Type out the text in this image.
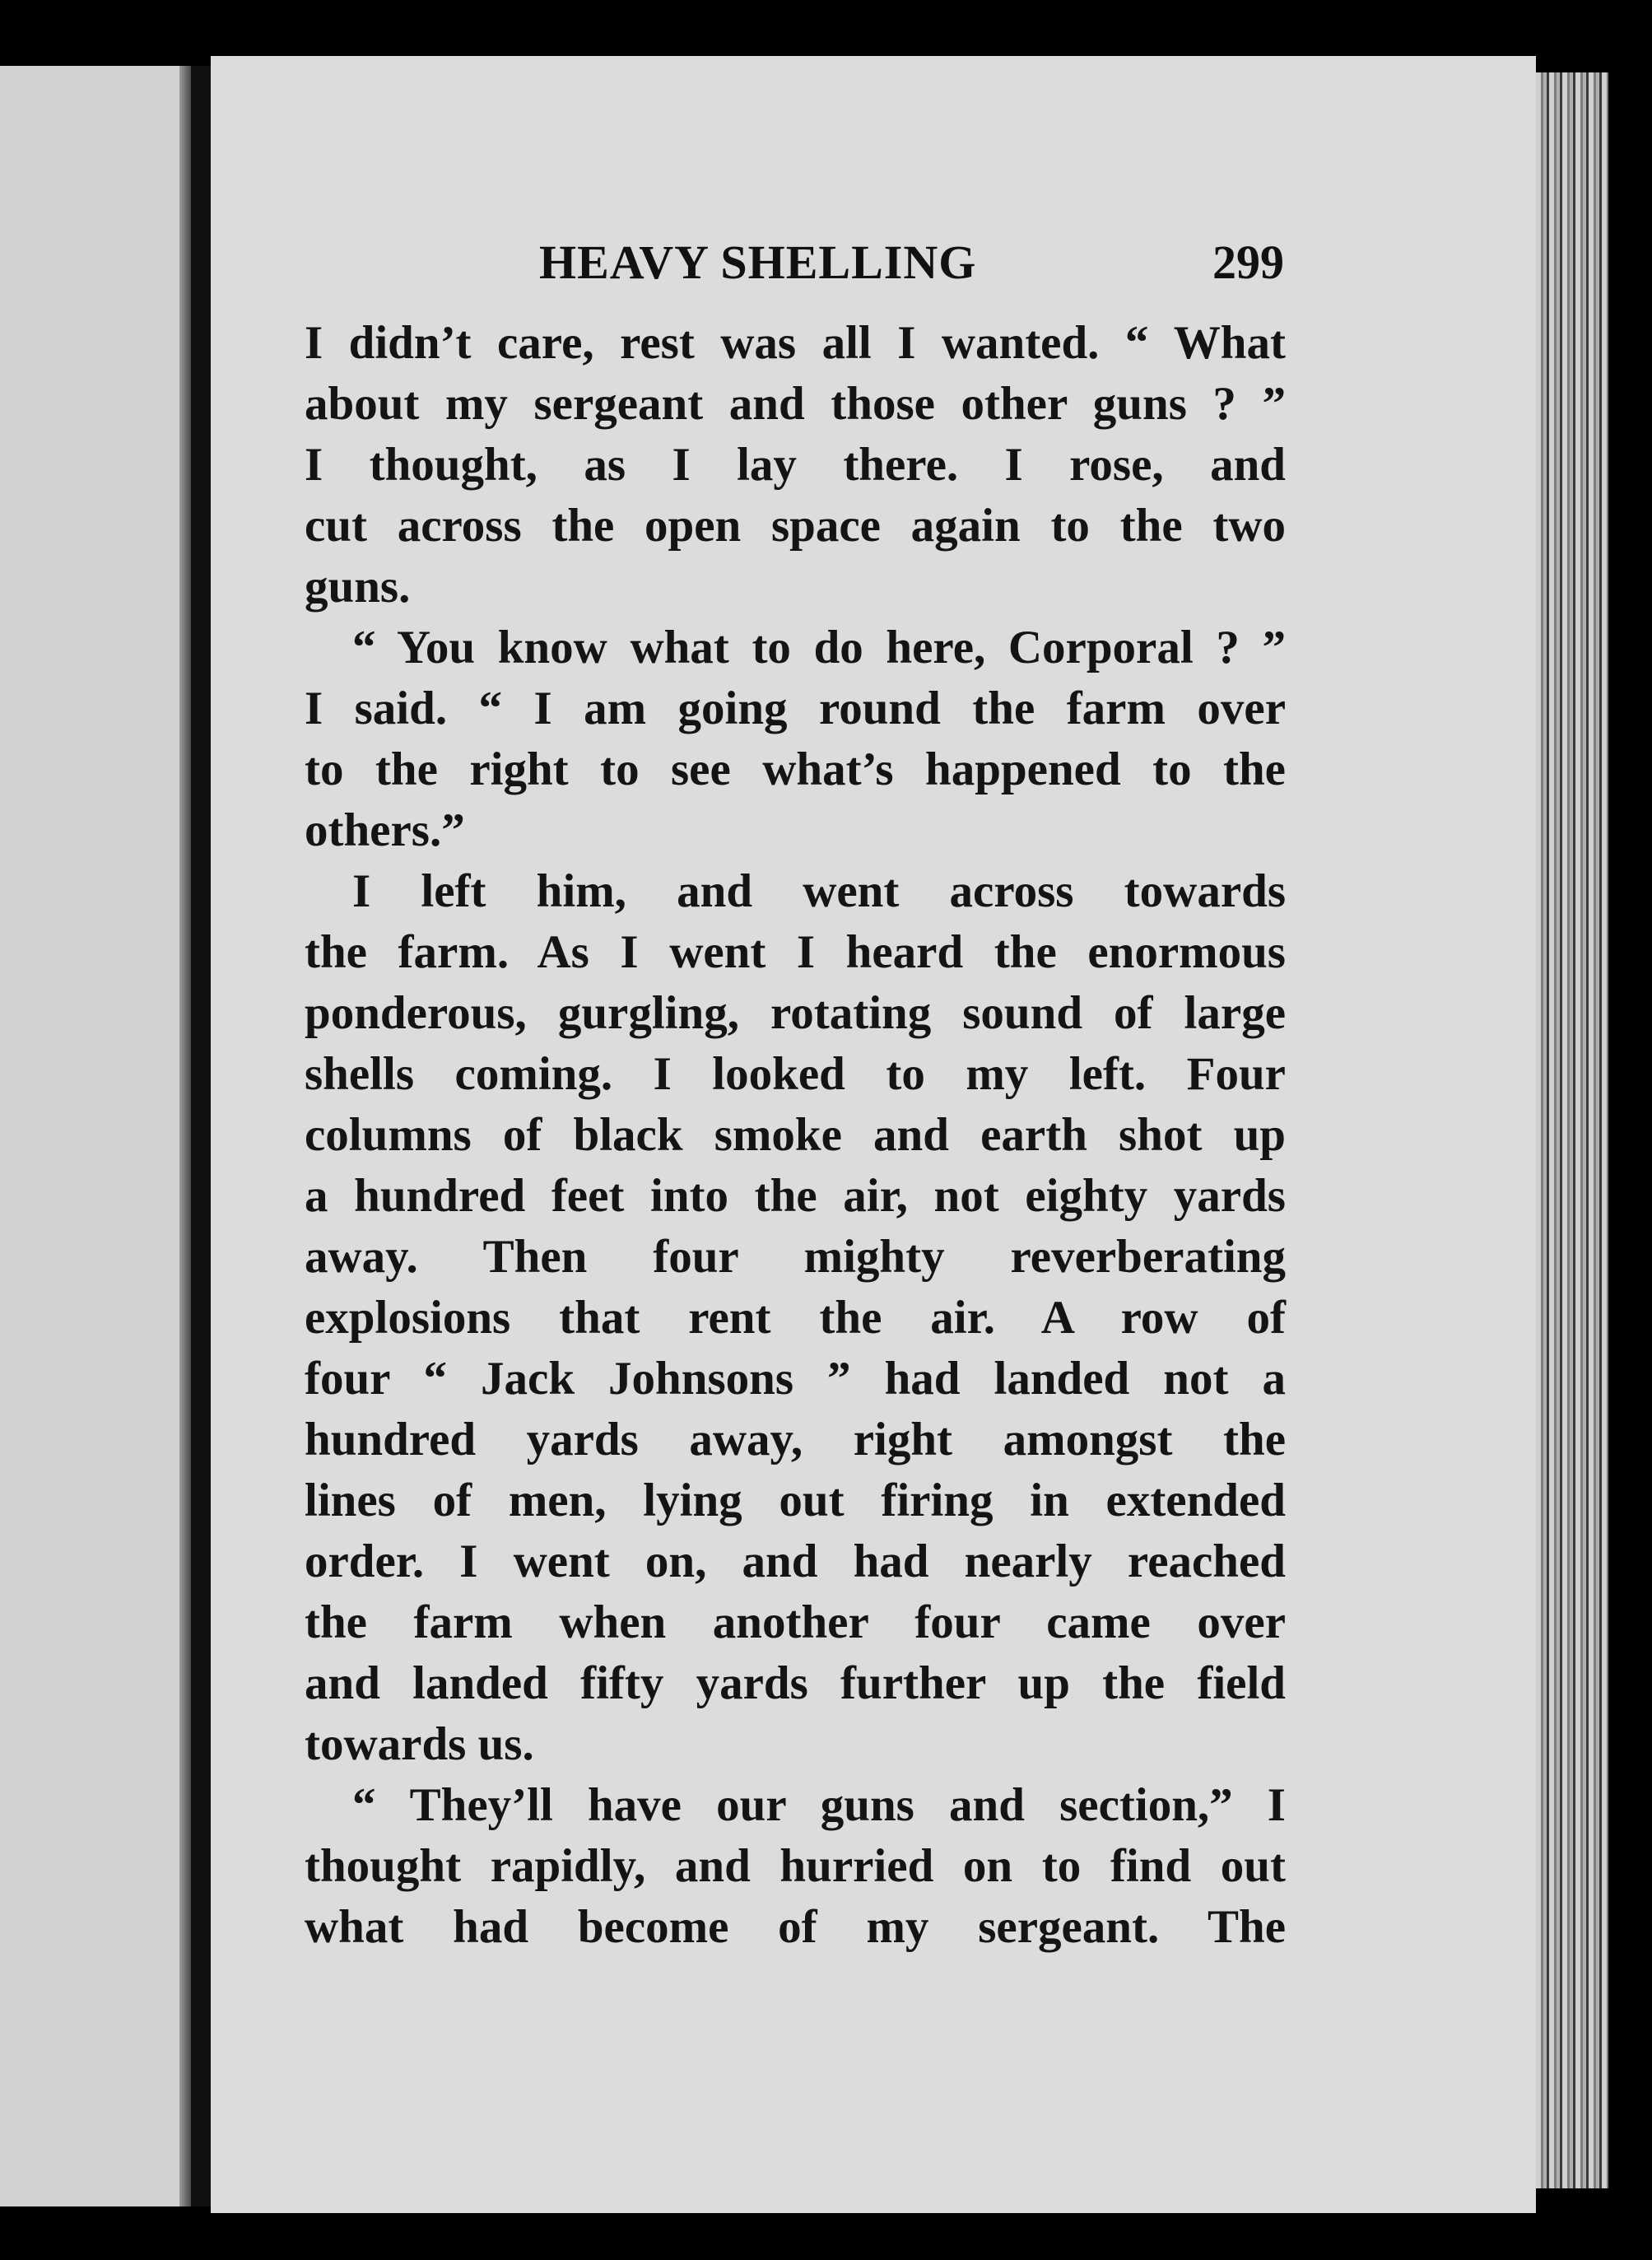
HEAVY SHELLING	299
I didn’t care, rest was all I wanted. “ What
about my sergeant and those other guns ? ”
I thought, as I lay there. I rose, and
cut across the open space again to the two
guns.
“ You know what to do here, Corporal ? ”
I said. “ I am going round the farm over
to the right to see what’s happened to the
others.”
I left him, and went across towards
the farm. As I went I heard the enormous
ponderous, gurgling, rotating sound of large
shells coming. I looked to my left. Four
columns of black smoke and earth shot up
a hundred feet into the air, not eighty yards
away. Then four mighty reverberating
explosions that rent the air. A row of
four “ Jack Johnsons ” had landed not a
hundred yards away, right amongst the
lines of men, lying out firing in extended
order. I went on, and had nearly reached
the farm when another four came over
and landed fifty yards further up the field
towards us.
“ They’ll have our guns and section,” I
thought rapidly, and hurried on to find out
what had become of my sergeant. The
